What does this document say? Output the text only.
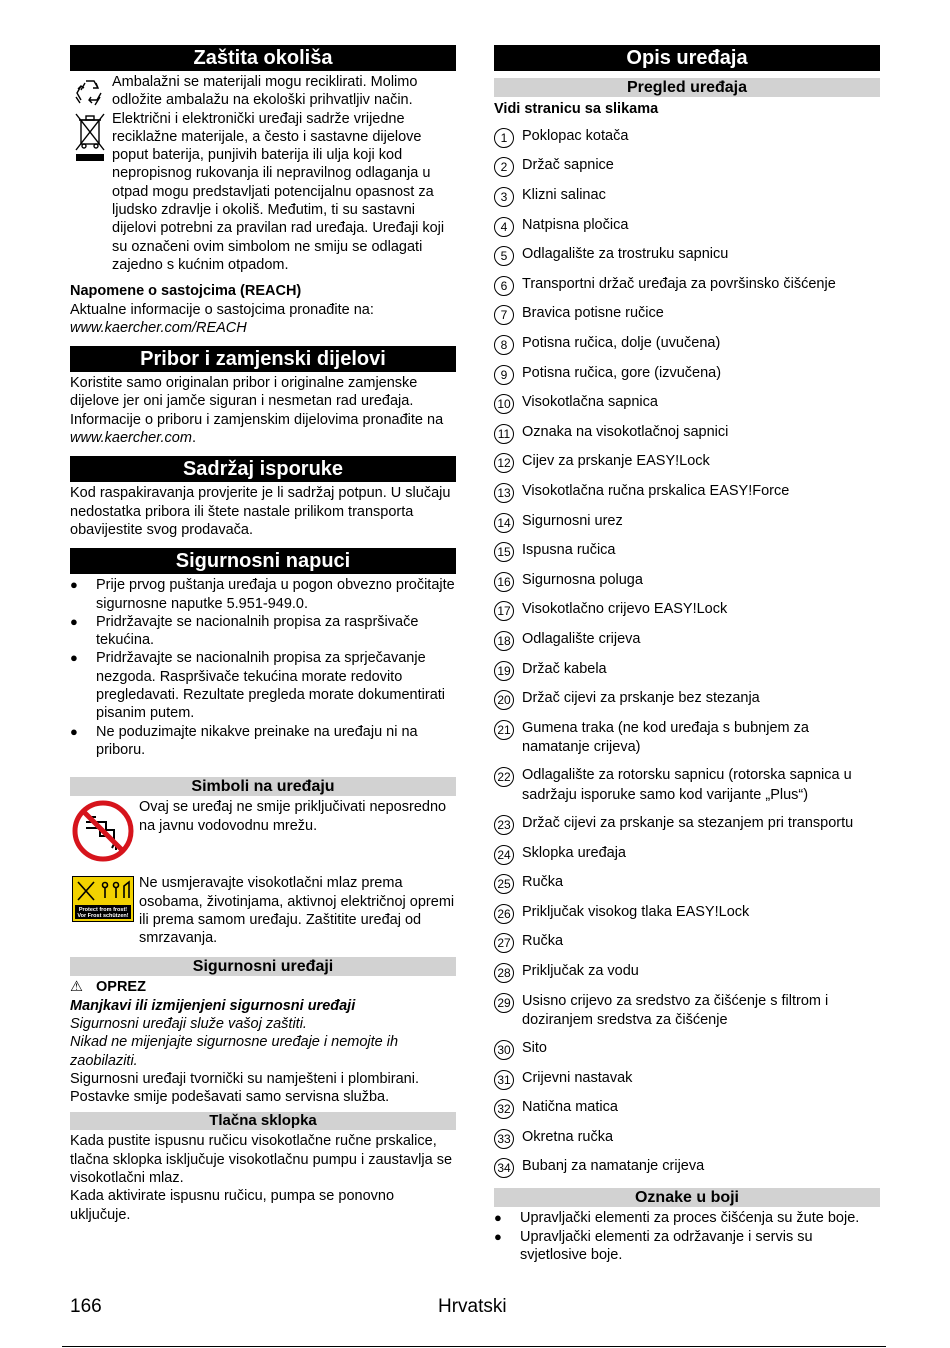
Zaštita okoliša

Ambalažni se materijali mogu reciklirati. Molimo odložite ambalažu na ekološki prihvatljiv način.

Električni i elektronički uređaji sadrže vrijedne reciklažne materijale, a često i sastavne dijelove poput baterija, punjivih baterija ili ulja koji kod nepropisnog rukovanja ili nepravilnog odlaganja u otpad mogu predstavljati potencijalnu opasnost za ljudsko zdravlje i okoliš. Međutim, ti su sastavni dijelovi potrebni za pravilan rad uređaja. Uređaji koji su označeni ovim simbolom ne smiju se odlagati zajedno s kućnim otpadom.

Napomene o sastojcima (REACH)

Aktualne informacije o sastojcima pronađite na:

www.kaercher.com/REACH

Pribor i zamjenski dijelovi

Koristite samo originalan pribor i originalne zamjenske dijelove jer oni jamče siguran i nesmetan rad uređaja. Informacije o priboru i zamjenskim dijelovima pronađite na www.kaercher.com.

Sadržaj isporuke

Kod raspakiravanja provjerite je li sadržaj potpun. U slučaju nedostatka pribora ili štete nastale prilikom transporta obavijestite svog prodavača.

Sigurnosni napuci
● Prije prvog puštanja uređaja u pogon obvezno pročitajte sigurnosne naputke 5.951-949.0.
● Pridržavajte se nacionalnih propisa za raspršivače tekućina.
● Pridržavajte se nacionalnih propisa za sprječavanje nezgoda. Raspršivače tekućina morate redovito pregledavati. Rezultate pregleda morate dokumentirati pisanim putem.
● Ne poduzimajte nikakve preinake na uređaju ni na priboru.
Simboli na uređaju

Ovaj se uređaj ne smije priključivati neposredno na javnu vodovodnu mrežu.

Protect from frost!
Vor Frost schützen!

Ne usmjeravajte visokotlačni mlaz prema osobama, životinjama, aktivnoj električnoj opremi ili prema samom uređaju. Zaštitite uređaj od smrzavanja.

Sigurnosni uređaji

⚠ OPREZ

Manjkavi ili izmijenjeni sigurnosni uređaji

Sigurnosni uređaji služe vašoj zaštiti.

Nikad ne mijenjajte sigurnosne uređaje i nemojte ih zaobilaziti.

Sigurnosni uređaji tvornički su namješteni i plombirani. Postavke smije podešavati samo servisna služba.

Tlačna sklopka

Kada pustite ispusnu ručicu visokotlačne ručne prskalice, tlačna sklopka isključuje visokotlačnu pumpu i zaustavlja se visokotlačni mlaz.

Kada aktivirate ispusnu ručicu, pumpa se ponovno uključuje.

Opis uređaja
Pregled uređaja

Vidi stranicu sa slikama

1	Poklopac kotača
2	Držač sapnice
3	Klizni salinac
4	Natpisna pločica
5	Odlagalište za trostruku sapnicu
6	Transportni držač uređaja za površinsko čišćenje
7	Bravica potisne ručice
8	Potisna ručica, dolje (uvučena)
9	Potisna ručica, gore (izvučena)
10 Visokotlačna sapnica
11 Oznaka na visokotlačnoj sapnici
12 Cijev za prskanje EASY!Lock
13 Visokotlačna ručna prskalica EASY!Force
14 Sigurnosni urez
15 Ispusna ručica
16 Sigurnosna poluga
17 Visokotlačno crijevo EASY!Lock
18 Odlagalište crijeva
19 Držač kabela
20 Držač cijevi za prskanje bez stezanja
21 Gumena traka (ne kod uređaja s bubnjem za namatanje crijeva)
22 Odlagalište za rotorsku sapnicu (rotorska sapnica u sadržaju isporuke samo kod varijante „Plus“)
23 Držač cijevi za prskanje sa stezanjem pri transportu
24 Sklopka uređaja
25 Ručka
26 Priključak visokog tlaka EASY!Lock
27 Ručka
28 Priključak za vodu
29 Usisno crijevo za sredstvo za čišćenje s filtrom i doziranjem sredstva za čišćenje
30 Sito
31 Crijevni nastavak
32 Natična matica
33 Okretna ručka
34 Bubanj za namatanje crijeva
Oznake u boji
● Upravljački elementi za proces čišćenja su žute boje.
● Upravljački elementi za održavanje i servis su svjetlosive boje.
166	Hrvatski
